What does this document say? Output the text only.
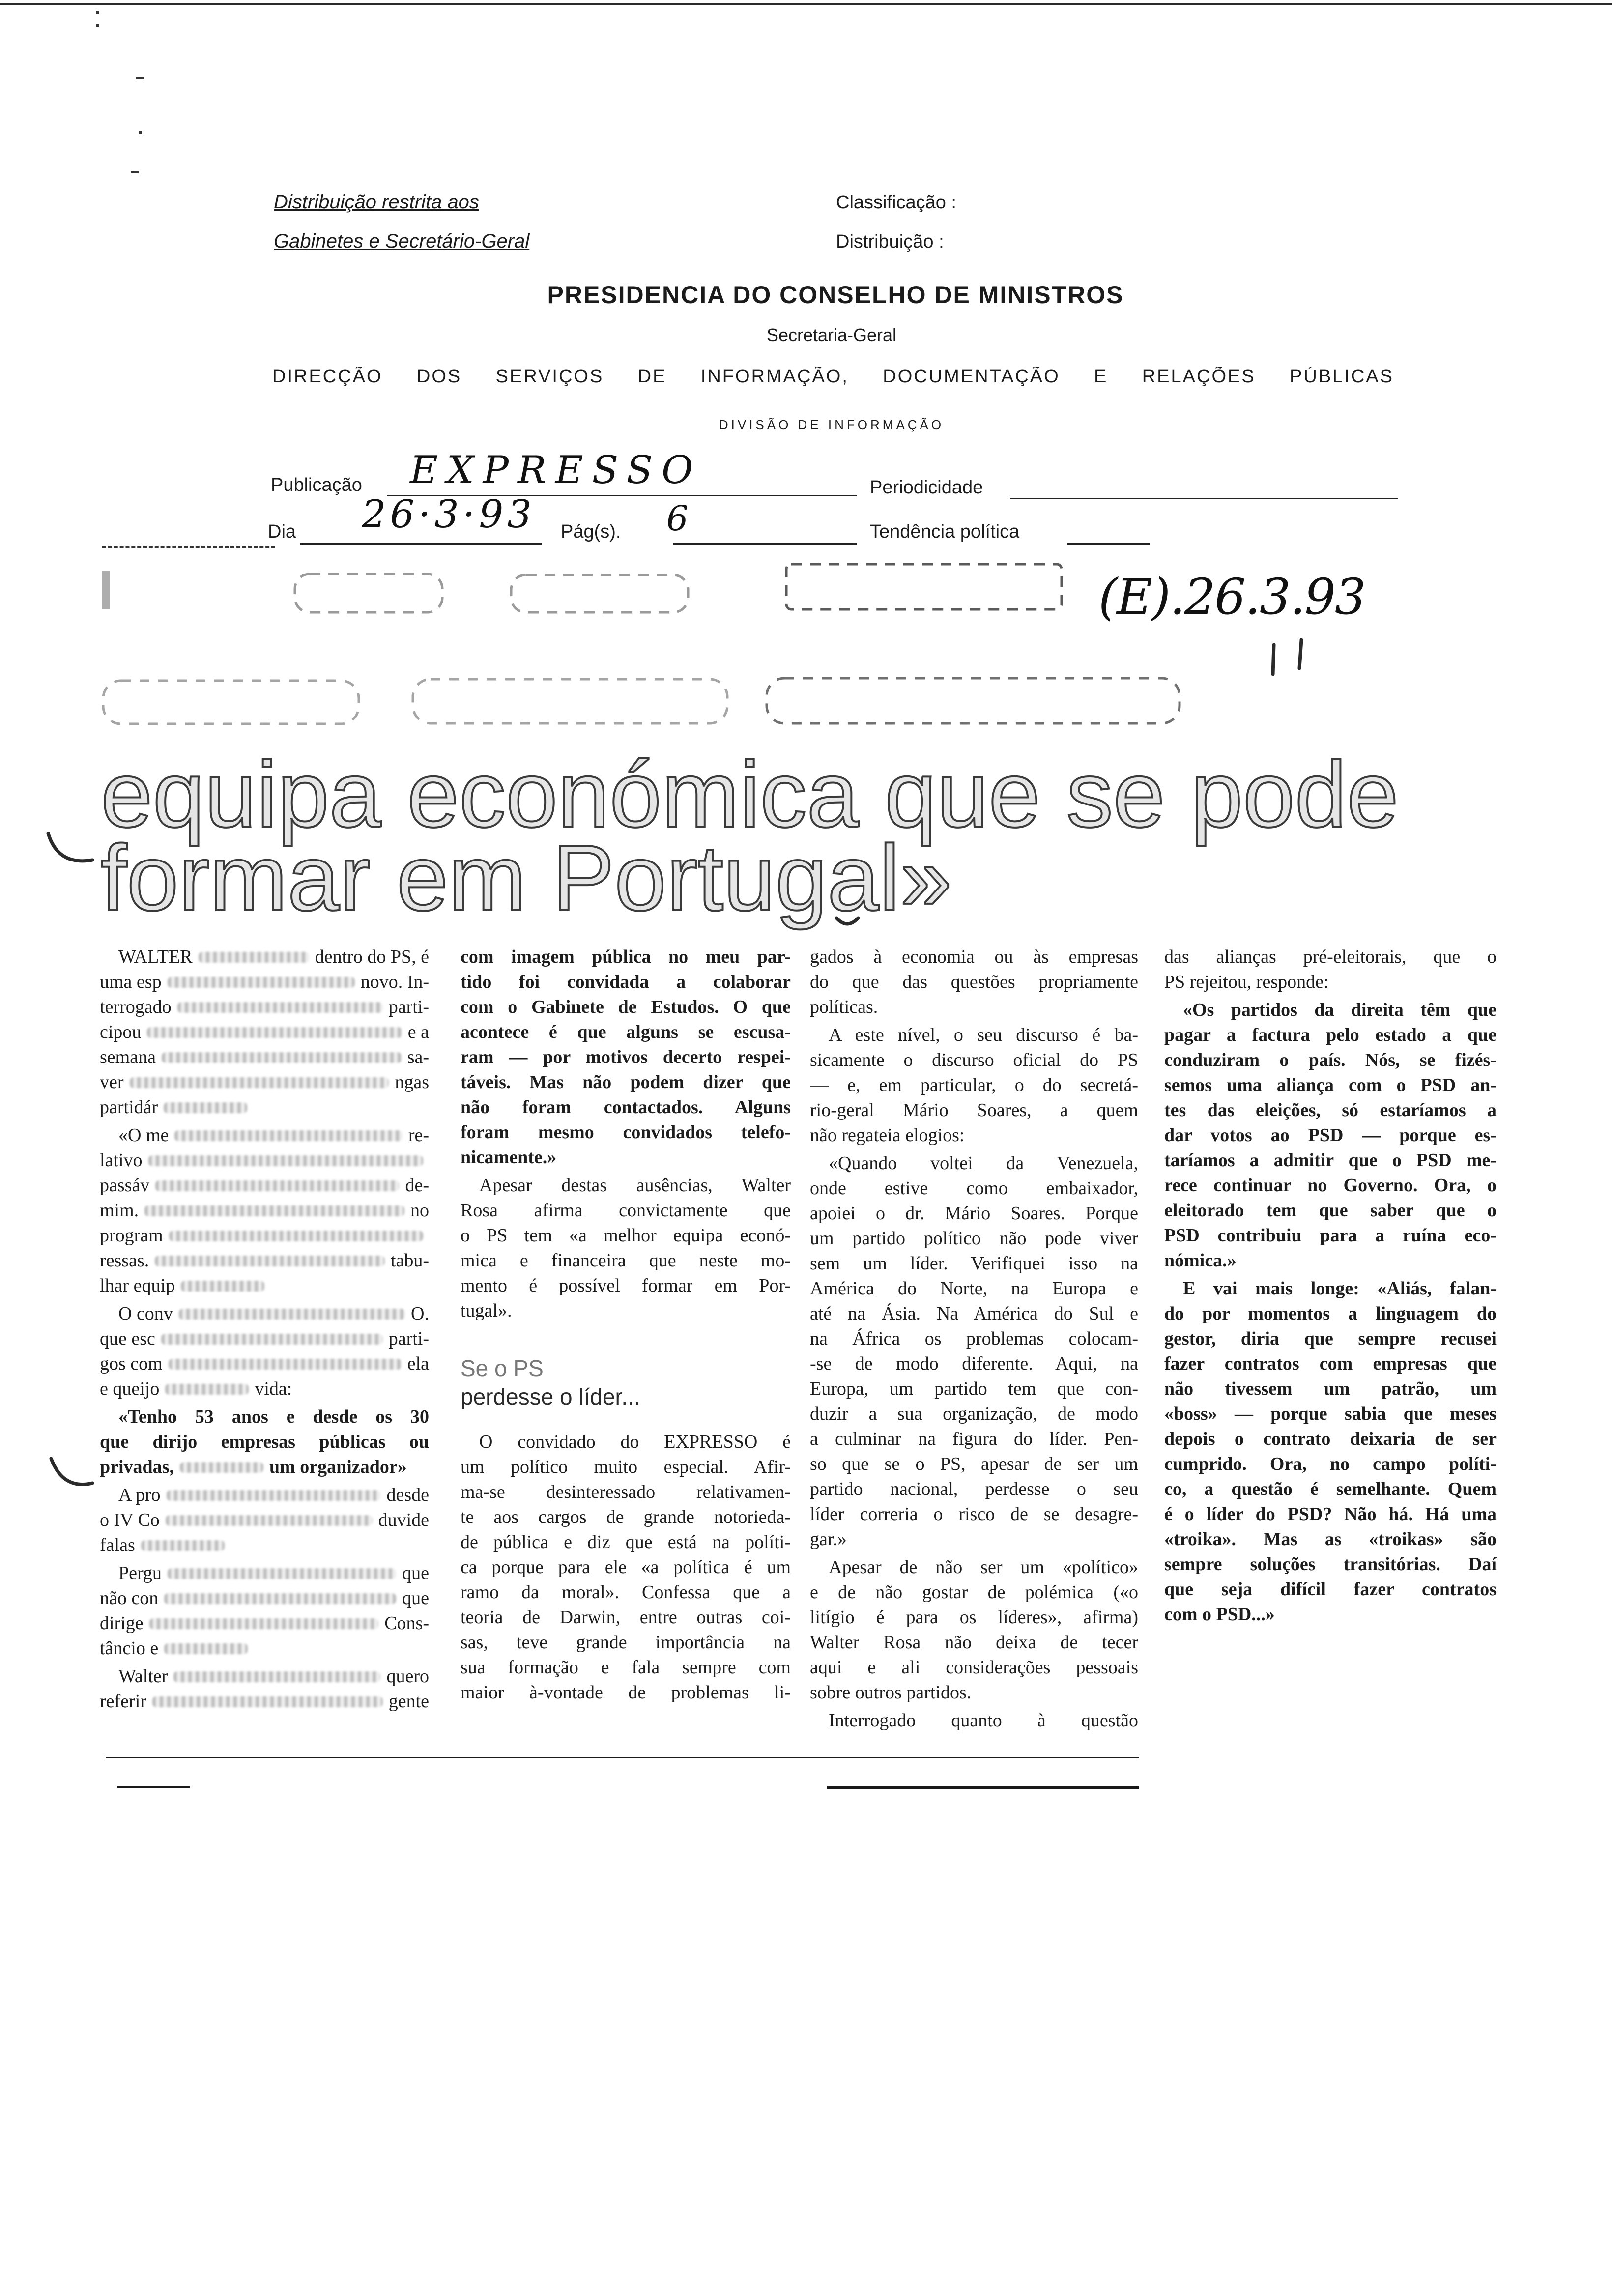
Distribuição restrita aos
Gabinetes e Secretário-Geral
Classificação :
Distribuição :
PRESIDENCIA DO CONSELHO DE MINISTROS
Secretaria-Geral
DIRECÇÃO DOS SERVIÇOS DE INFORMAÇÃO, DOCUMENTAÇÃO E RELAÇÕES PÚBLICAS
DIVISÃO DE INFORMAÇÃO
Publicação EXPRESSO	Periodicidade
Dia 26·3·93 Pág(s). 6	Tendência política
(E).26.3.93
equipa económica que se pode
formar em Portugal»
WALTER	dentro do PS, é
uma esp	novo. In-
terrogado	parti-
cipou	e a
semana	sa-
ver	ngas
partidár
«O me	re-
lativo
passáv	de-
mim.	no
program
ressas.	tabu-
lhar equip
O conv	O.
que esc	parti-
gos com	ela
e queijo	vida:
«Tenho 53 anos e desde os 30
que dirijo empresas públicas ou
privadas,	um organizador»
A pro	desde
o IV Co	duvide
falas
Pergu	que
não con	que
dirige	Cons-
tâncio e
Walter	quero
referir	gente
com imagem pública no meu par-
tido foi convidada a colaborar
com o Gabinete de Estudos. O que
acontece é que alguns se escusa-
ram — por motivos decerto respei-
táveis. Mas não podem dizer que
não foram contactados. Alguns
foram mesmo convidados telefo-
nicamente.»
Apesar destas ausências, Walter
Rosa afirma convictamente que
o PS tem «a melhor equipa econó-
mica e financeira que neste mo-
mento é possível formar em Por-
tugal».
Se o PS
perdesse o líder...
O convidado do EXPRESSO é
um político muito especial. Afir-
ma-se desinteressado relativamen-
te aos cargos de grande notorieda-
de pública e diz que está na políti-
ca porque para ele «a política é um
ramo da moral». Confessa que a
teoria de Darwin, entre outras coi-
sas, teve grande importância na
sua formação e fala sempre com
maior à-vontade de problemas li-
gados à economia ou às empresas
do que das questões propriamente
políticas.
A este nível, o seu discurso é ba-
sicamente o discurso oficial do PS
— e, em particular, o do secretá-
rio-geral Mário Soares, a quem
não regateia elogios:
«Quando voltei da Venezuela,
onde estive como embaixador,
apoiei o dr. Mário Soares. Porque
um partido político não pode viver
sem um líder. Verifiquei isso na
América do Norte, na Europa e
até na Ásia. Na América do Sul e
na África os problemas colocam-
-se de modo diferente. Aqui, na
Europa, um partido tem que con-
duzir a sua organização, de modo
a culminar na figura do líder. Pen-
so que se o PS, apesar de ser um
partido nacional, perdesse o seu
líder correria o risco de se desagre-
gar.»
Apesar de não ser um «político»
e de não gostar de polémica («o
litígio é para os líderes», afirma)
Walter Rosa não deixa de tecer
aqui e ali considerações pessoais
sobre outros partidos.
Interrogado quanto à questão
das alianças pré-eleitorais, que o
PS rejeitou, responde:
«Os partidos da direita têm que
pagar a factura pelo estado a que
conduziram o país. Nós, se fizés-
semos uma aliança com o PSD an-
tes das eleições, só estaríamos a
dar votos ao PSD — porque es-
taríamos a admitir que o PSD me-
rece continuar no Governo. Ora, o
eleitorado tem que saber que o
PSD contribuiu para a ruína eco-
nómica.»
E vai mais longe: «Aliás, falan-
do por momentos a linguagem do
gestor, diria que sempre recusei
fazer contratos com empresas que
não tivessem um patrão, um
«boss» — porque sabia que meses
depois o contrato deixaria de ser
cumprido. Ora, no campo políti-
co, a questão é semelhante. Quem
é o líder do PSD? Não há. Há uma
«troika». Mas as «troikas» são
sempre soluções transitórias. Daí
que seja difícil fazer contratos
com o PSD...»
